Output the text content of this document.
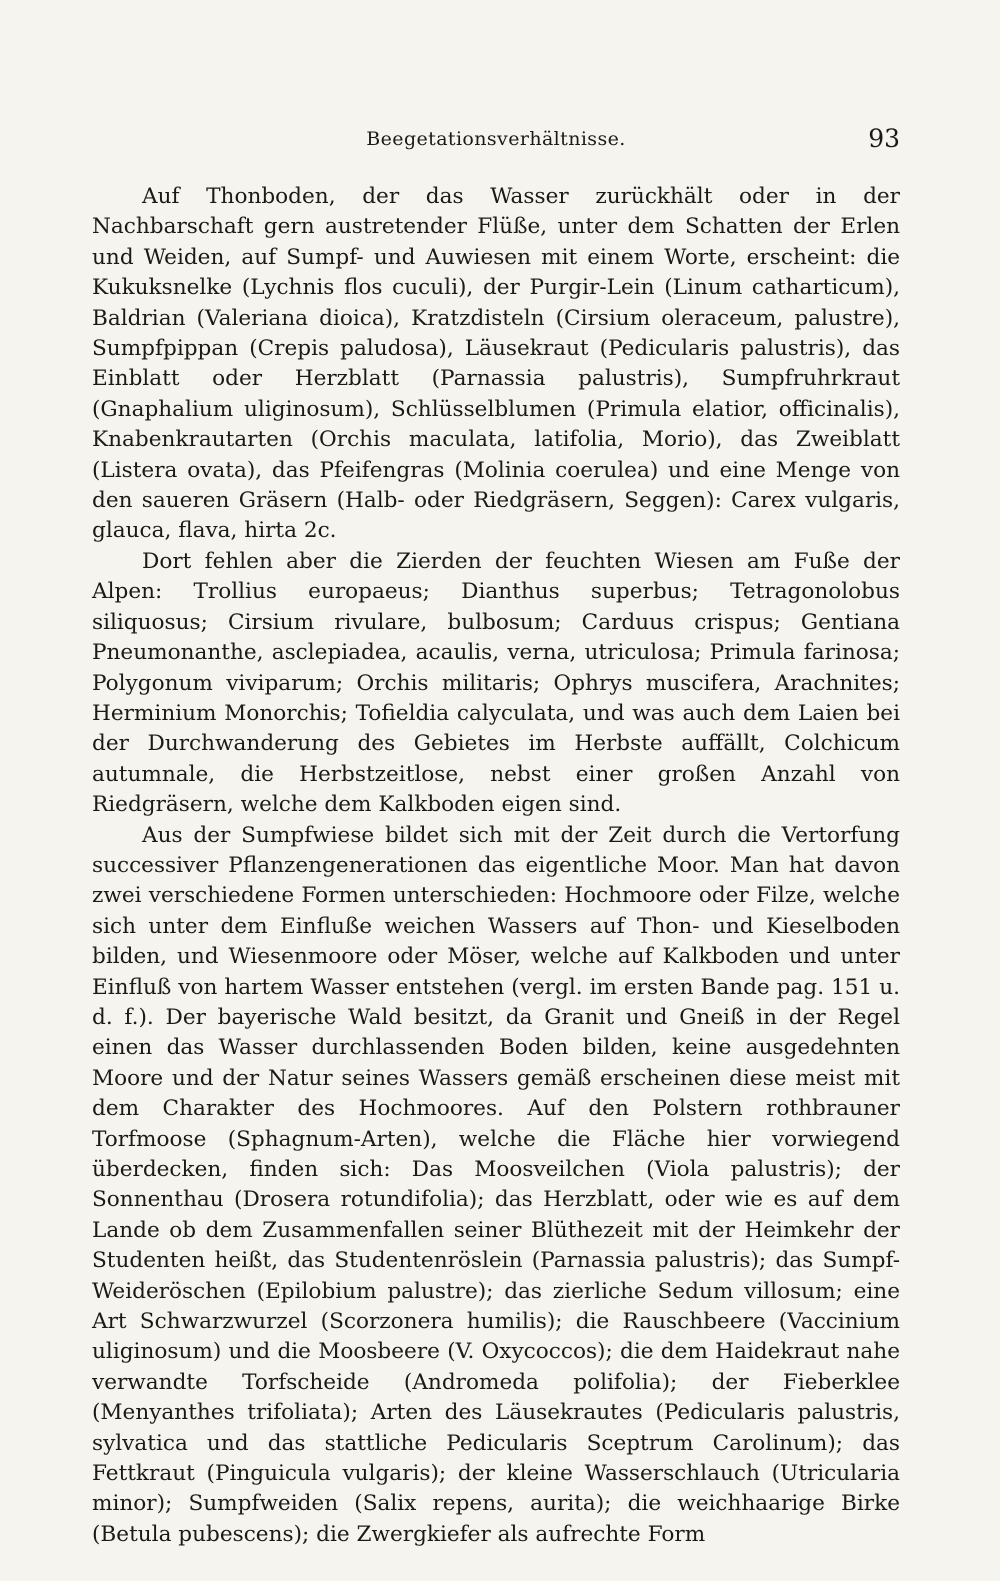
Beegetationsverhältnisse.	93

Auf Thonboden, der das Wasser zurückhält oder in der Nachbarschaft gern austretender Flüße, unter dem Schatten der Erlen und Weiden, auf Sumpf- und Auwiesen mit einem Worte, erscheint: die Kukuksnelke (Lychnis flos cuculi), der Purgir-Lein (Linum catharticum), Baldrian (Valeriana dioica), Kratzdisteln (Cirsium oleraceum, palustre), Sumpfpippan (Crepis paludosa), Läusekraut (Pedicularis palustris), das Einblatt oder Herzblatt (Parnassia palustris), Sumpfruhrkraut (Gnaphalium uliginosum), Schlüsselblumen (Primula elatior, officinalis), Knabenkrautarten (Orchis maculata, latifolia, Morio), das Zweiblatt (Listera ovata), das Pfeifengras (Molinia coerulea) und eine Menge von den saueren Gräsern (Halb- oder Riedgräsern, Seggen): Carex vulgaris, glauca, flava, hirta 2c.

Dort fehlen aber die Zierden der feuchten Wiesen am Fuße der Alpen: Trollius europaeus; Dianthus superbus; Tetragonolobus siliquosus; Cirsium rivulare, bulbosum; Carduus crispus; Gentiana Pneumonanthe, asclepiadea, acaulis, verna, utriculosa; Primula farinosa; Polygonum viviparum; Orchis militaris; Ophrys muscifera, Arachnites; Herminium Monorchis; Tofieldia calyculata, und was auch dem Laien bei der Durchwanderung des Gebietes im Herbste auffällt, Colchicum autumnale, die Herbstzeitlose, nebst einer großen Anzahl von Riedgräsern, welche dem Kalkboden eigen sind.

Aus der Sumpfwiese bildet sich mit der Zeit durch die Vertorfung successiver Pflanzengenerationen das eigentliche Moor. Man hat davon zwei verschiedene Formen unterschieden: Hochmoore oder Filze, welche sich unter dem Einfluße weichen Wassers auf Thon- und Kieselboden bilden, und Wiesenmoore oder Möser, welche auf Kalkboden und unter Einfluß von hartem Wasser entstehen (vergl. im ersten Bande pag. 151 u. d. f.). Der bayerische Wald besitzt, da Granit und Gneiß in der Regel einen das Wasser durchlassenden Boden bilden, keine ausgedehnten Moore und der Natur seines Wassers gemäß erscheinen diese meist mit dem Charakter des Hochmoores. Auf den Polstern rothbrauner Torfmoose (Sphagnum-Arten), welche die Fläche hier vorwiegend überdecken, finden sich: Das Moosveilchen (Viola palustris); der Sonnenthau (Drosera rotundifolia); das Herzblatt, oder wie es auf dem Lande ob dem Zusammenfallen seiner Blüthezeit mit der Heimkehr der Studenten heißt, das Studentenröslein (Parnassia palustris); das Sumpf-Weideröschen (Epilobium palustre); das zierliche Sedum villosum; eine Art Schwarzwurzel (Scorzonera humilis); die Rauschbeere (Vaccinium uliginosum) und die Moosbeere (V. Oxycoccos); die dem Haidekraut nahe verwandte Torfscheide (Andromeda polifolia); der Fieberklee (Menyanthes trifoliata); Arten des Läusekrautes (Pedicularis palustris, sylvatica und das stattliche Pedicularis Sceptrum Carolinum); das Fettkraut (Pinguicula vulgaris); der kleine Wasserschlauch (Utricularia minor); Sumpfweiden (Salix repens, aurita); die weichhaarige Birke (Betula pubescens); die Zwergkiefer als aufrechte Form
